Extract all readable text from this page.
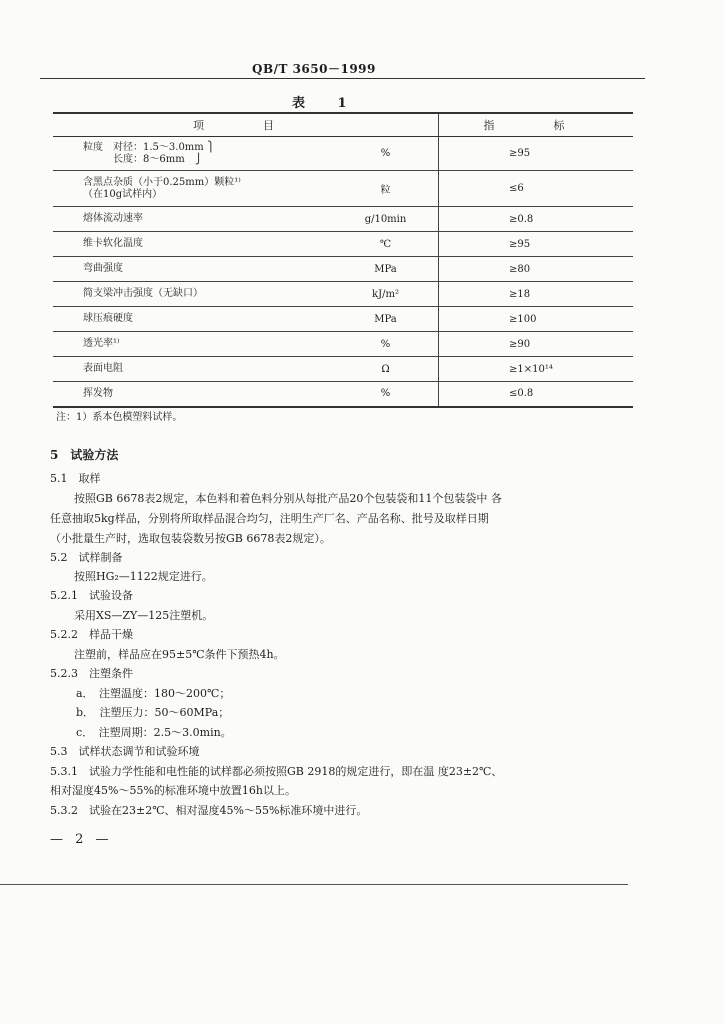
QB/T 3650－1999
表 1
项　目		指　标

粒度　对径：1.5～3.0mm ⎫
　　　长度：8～6mm　⎭	%	≥95

含黑点杂质（小于0.25mm）颗粒¹⁾
（在10g试样内）	粒	≤6
熔体流动速率	g/10min	≥0.8
维卡软化温度	℃	≥95
弯曲强度	MPa	≥80
简支梁冲击强度（无缺口）	kJ/m²	≥18
球压痕硬度	MPa	≥100
透光率¹⁾	%	≥90
表面电阻	Ω	≥1×10¹⁴
挥发物	%	≤0.8
注：1）系本色模塑料试样。
5　试验方法
5.1　取样
按照GB 6678表2规定，本色料和着色料分别从每批产品20个包装袋和11个包装袋中 各
任意抽取5kg样品，分别将所取样品混合均匀，注明生产厂名、产品名称、批号及取样日期
（小批量生产时，选取包装袋数另按GB 6678表2规定）。
5.2　试样制备
按照HG₂—1122规定进行。
5.2.1　试验设备
采用XS—ZY—125注塑机。
5.2.2　样品干燥
注塑前，样品应在95±5℃条件下预热4h。
5.2.3　注塑条件
a．　注塑温度：180～200℃；
b．　注塑压力：50～60MPa；
c．　注塑周期：2.5～3.0min。
5.3　试样状态调节和试验环境
5.3.1　试验力学性能和电性能的试样都必须按照GB 2918的规定进行，即在温 度23±2℃、
相对湿度45%～55%的标准环境中放置16h以上。
5.3.2　试验在23±2℃、相对湿度45%～55%标准环境中进行。
— 2 —
